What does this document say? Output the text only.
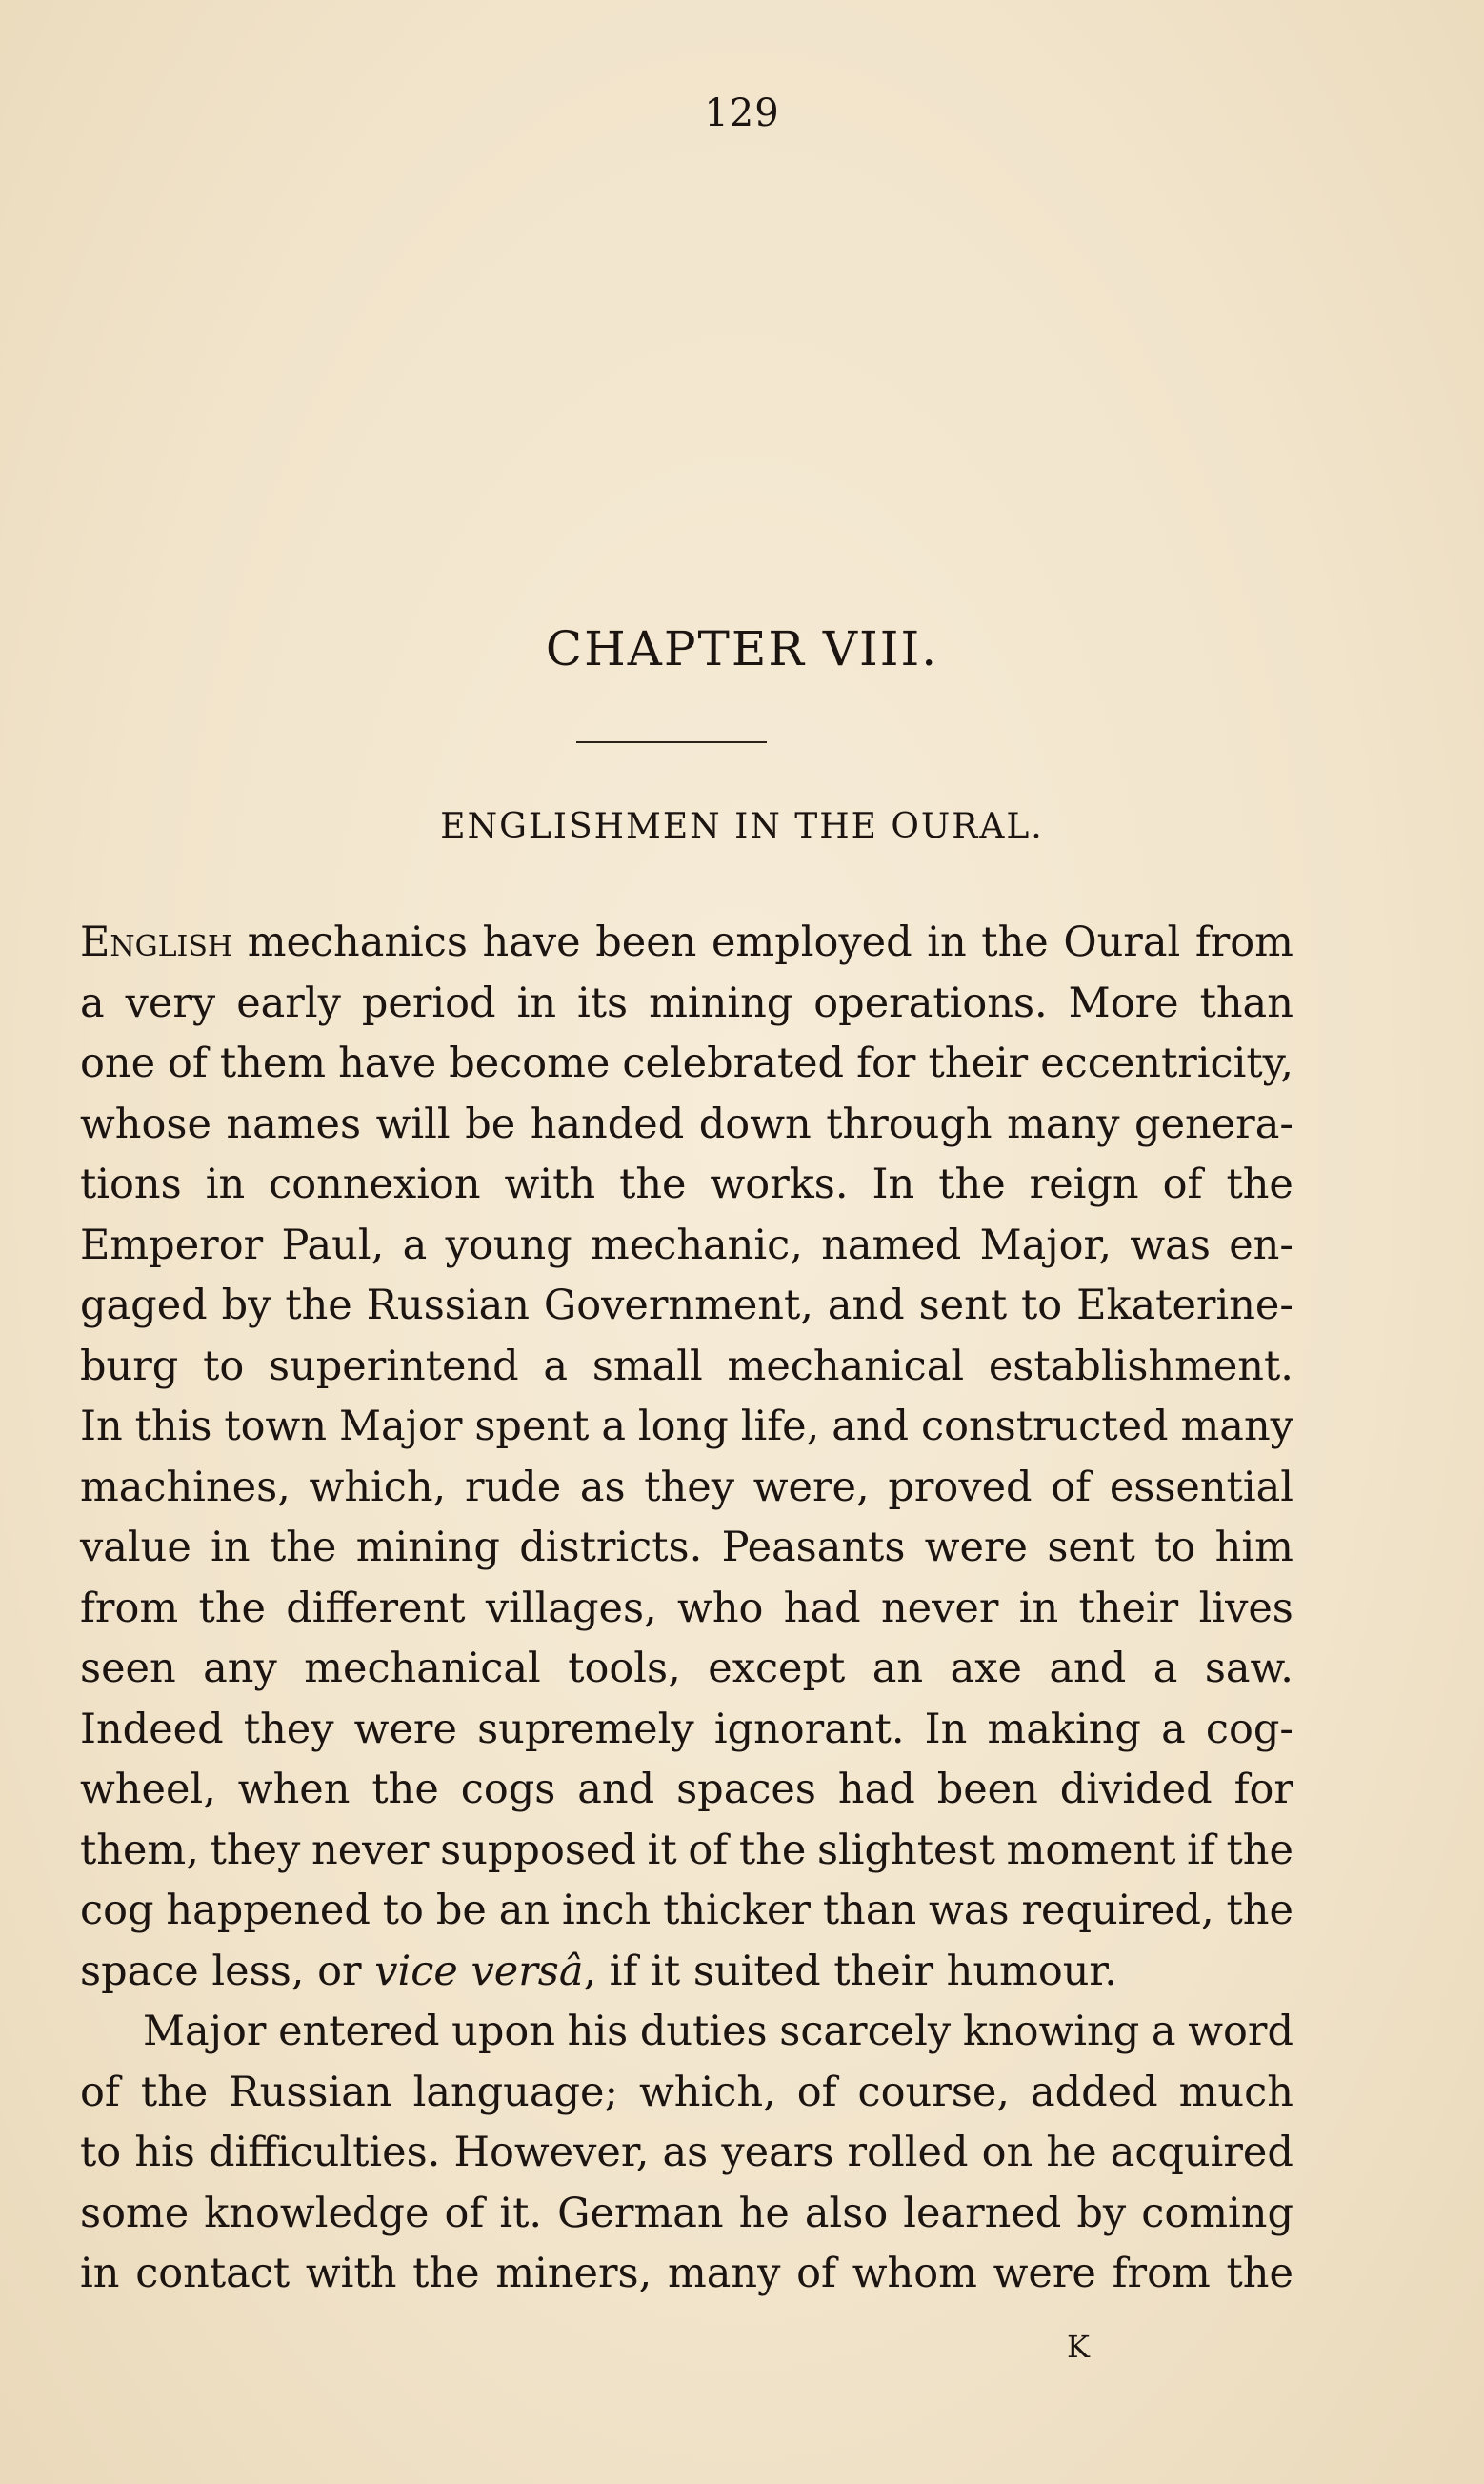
129
CHAPTER VIII.
ENGLISHMEN IN THE OURAL.
English mechanics have been employed in the Oural from
a very early period in its mining operations. More than
one of them have become celebrated for their eccentricity,
whose names will be handed down through many genera-
tions in connexion with the works. In the reign of the
Emperor Paul, a young mechanic, named Major, was en-
gaged by the Russian Government, and sent to Ekaterine-
burg to superintend a small mechanical establishment.
In this town Major spent a long life, and constructed many
machines, which, rude as they were, proved of essential
value in the mining districts. Peasants were sent to him
from the different villages, who had never in their lives
seen any mechanical tools, except an axe and a saw.
Indeed they were supremely ignorant. In making a cog-
wheel, when the cogs and spaces had been divided for
them, they never supposed it of the slightest moment if the
cog happened to be an inch thicker than was required, the
space less, or vice versâ , if it suited their humour.
Major entered upon his duties scarcely knowing a word
of the Russian language; which, of course, added much
to his difficulties. However, as years rolled on he acquired
some knowledge of it. German he also learned by coming
in contact with the miners, many of whom were from the
K
